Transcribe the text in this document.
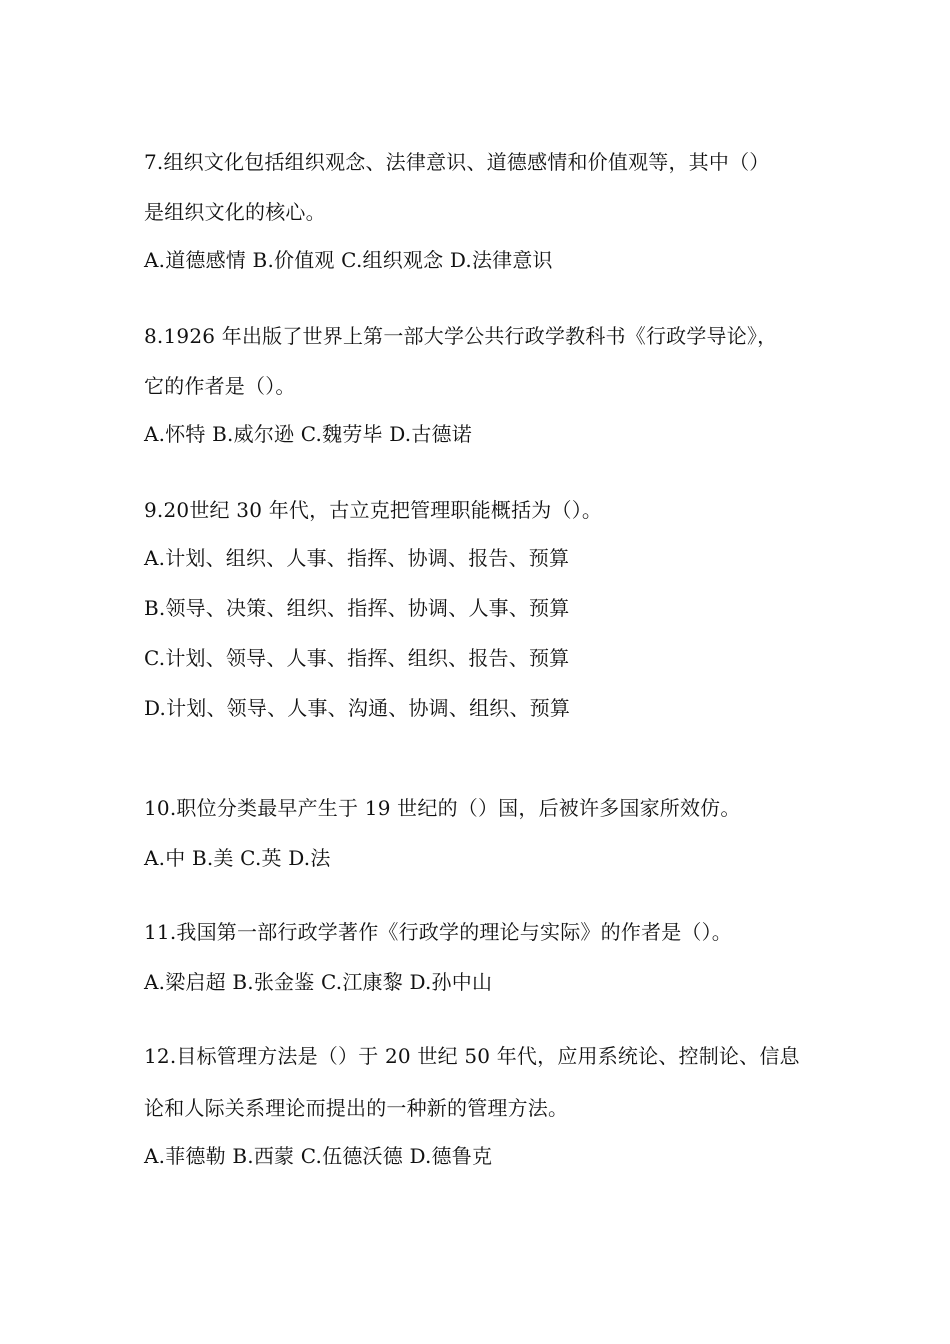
7.组织文化包括组织观念、法律意识、道德感情和价值观等，其中（）
是组织文化的核心。
A.道德感情 B.价值观 C.组织观念 D.法律意识
8.1926 年出版了世界上第一部大学公共行政学教科书《行政学导论》，
它的作者是（）。
A.怀特 B.威尔逊 C.魏劳毕 D.古德诺
9.20世纪 30 年代，古立克把管理职能概括为（）。
A.计划、组织、人事、指挥、协调、报告、预算
B.领导、决策、组织、指挥、协调、人事、预算
C.计划、领导、人事、指挥、组织、报告、预算
D.计划、领导、人事、沟通、协调、组织、预算
10.职位分类最早产生于 19 世纪的（）国，后被许多国家所效仿。
A.中 B.美 C.英 D.法
11.我国第一部行政学著作《行政学的理论与实际》的作者是（）。
A.梁启超 B.张金鉴 C.江康黎 D.孙中山
12.目标管理方法是（）于 20 世纪 50 年代，应用系统论、控制论、信息
论和人际关系理论而提出的一种新的管理方法。
A.菲德勒 B.西蒙 C.伍德沃德 D.德鲁克
